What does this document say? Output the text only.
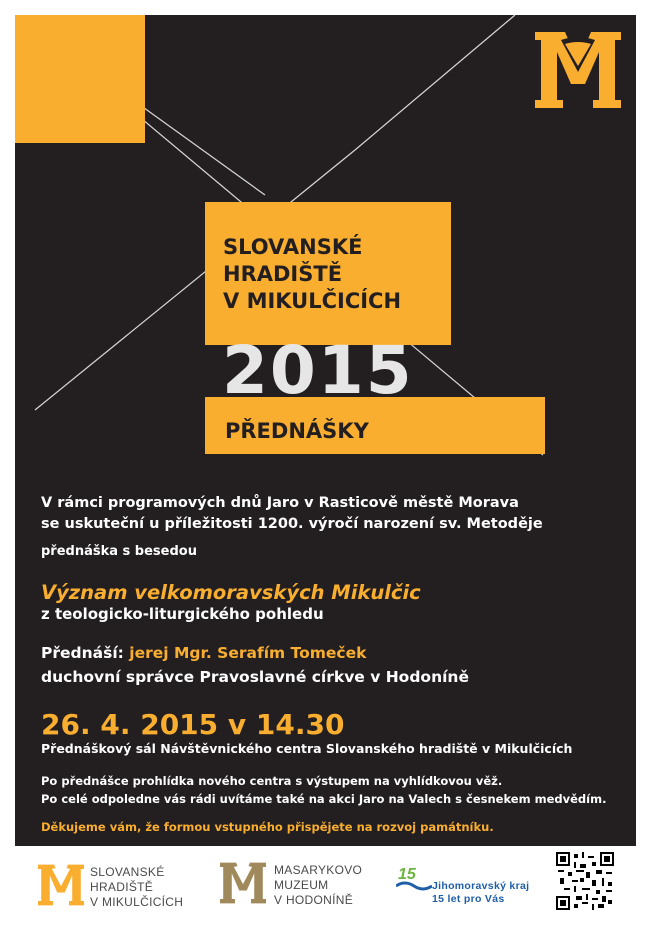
SLOVANSKÉ
HRADIŠTĚ
V MIKULČICÍCH
PŘEDNÁŠKY
2015
V rámci programových dnů Jaro v Rasticově městě Morava
se uskuteční u příležitosti 1200. výročí narození sv. Metoděje
přednáška s besedou
Význam velkomoravských Mikulčic
z teologicko-liturgického pohledu
Přednáší: jerej Mgr. Serafím Tomeček
duchovní správce Pravoslavné církve v Hodoníně
26. 4. 2015 v 14.30
Přednáškový sál Návštěvnického centra Slovanského hradiště v Mikulčicích
Po přednášce prohlídka nového centra s výstupem na vyhlídkovou věž.
Po celé odpoledne vás rádi uvítáme také na akci Jaro na Valech s česnekem medvědím.
Děkujeme vám, že formou vstupného přispějete na rozvoj památníku.
SLOVANSKÉ
HRADIŠTĚ
V MIKULČICÍCH
MASARYKOVO
MUZEUM
V HODONÍNĚ
15
Jihomoravský kraj
15 let pro Vás
